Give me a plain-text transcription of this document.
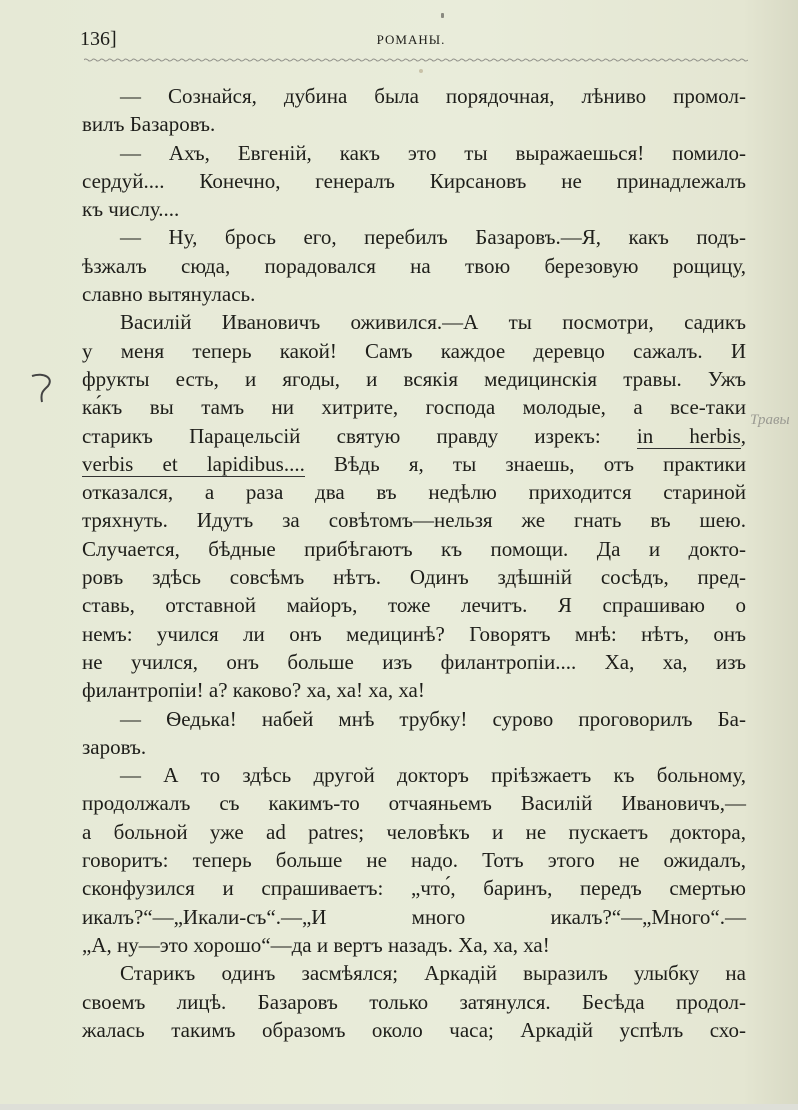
136]	РОМАНЫ.
Травы
— Сознайся, дубина была порядочная, лѣниво промол-
вилъ Базаровъ.
— Ахъ, Евгеній, какъ это ты выражаешься! помило-
сердуй.... Конечно, генералъ Кирсановъ не принадлежалъ
къ числу....
— Ну, брось его, перебилъ Базаровъ.—Я, какъ подъ-
ѣзжалъ сюда, порадовался на твою березовую рощицу,
славно вытянулась.
Василій Ивановичъ оживился.—А ты посмотри, садикъ
у меня теперь какой! Самъ каждое деревцо сажалъ. И
фрукты есть, и ягоды, и всякія медицинскія травы. Ужъ
ка́къ вы тамъ ни хитрите, господа молодые, а все-таки
старикъ Парацельсій святую правду изрекъ: in herbis,
verbis et lapidibus.... Вѣдь я, ты знаешь, отъ практики
отказался, а раза два въ недѣлю приходится стариной
тряхнуть. Идутъ за совѣтомъ—нельзя же гнать въ шею.
Случается, бѣдные прибѣгаютъ къ помощи. Да и докто-
ровъ здѣсь совсѣмъ нѣтъ. Одинъ здѣшній сосѣдъ, пред-
ставь, отставной майоръ, тоже лечитъ. Я спрашиваю о
немъ: учился ли онъ медицинѣ? Говорятъ мнѣ: нѣтъ, онъ
не учился, онъ больше изъ филантропіи.... Ха, ха, изъ
филантропіи! а? каково? ха, ха! ха, ха!
— Ѳедька! набей мнѣ трубку! сурово проговорилъ Ба-
заровъ.
— А то здѣсь другой докторъ пріѣзжаетъ къ больному,
продолжалъ съ какимъ-то отчаяньемъ Василій Ивановичъ,—
а больной уже ad patres; человѣкъ и не пускаетъ доктора,
говоритъ: теперь больше не надо. Тотъ этого не ожидалъ,
сконфузился и спрашиваетъ: „что́, баринъ, передъ смертью
икалъ?“—„Икали-съ“.—„И много икалъ?“—„Много“.—
„А, ну—это хорошо“—да и вертъ назадъ. Ха, ха, ха!
Старикъ одинъ засмѣялся; Аркадій выразилъ улыбку на
своемъ лицѣ. Базаровъ только затянулся. Бесѣда продол-
жалась такимъ образомъ около часа; Аркадій успѣлъ схо-
